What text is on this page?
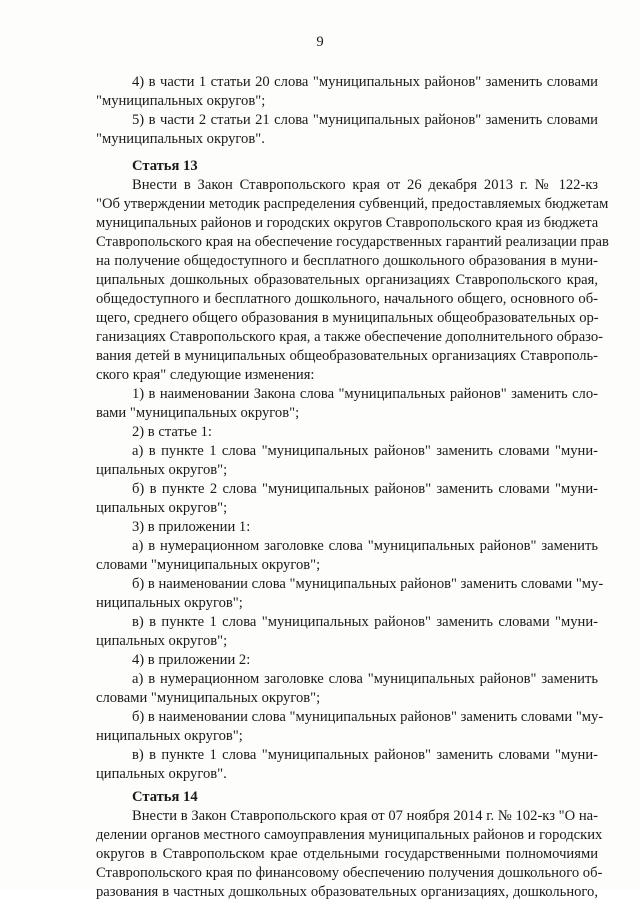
9
4) в части 1 статьи 20 слова "муниципальных районов" заменить словами
"муниципальных округов";
5) в части 2 статьи 21 слова "муниципальных районов" заменить словами
"муниципальных округов".
Статья 13
Внести в Закон Ставропольского края от 26 декабря 2013 г. № 122-кз
"Об утверждении методик распределения субвенций, предоставляемых бюджетам
муниципальных районов и городских округов Ставропольского края из бюджета
Ставропольского края на обеспечение государственных гарантий реализации прав
на получение общедоступного и бесплатного дошкольного образования в муни-
ципальных дошкольных образовательных организациях Ставропольского края,
общедоступного и бесплатного дошкольного, начального общего, основного об-
щего, среднего общего образования в муниципальных общеобразовательных ор-
ганизациях Ставропольского края, а также обеспечение дополнительного образо-
вания детей в муниципальных общеобразовательных организациях Ставрополь-
ского края" следующие изменения:
1) в наименовании Закона слова "муниципальных районов" заменить сло-
вами "муниципальных округов";
2) в статье 1:
а) в пункте 1 слова "муниципальных районов" заменить словами "муни-
ципальных округов";
б) в пункте 2 слова "муниципальных районов" заменить словами "муни-
ципальных округов";
3) в приложении 1:
а) в нумерационном заголовке слова "муниципальных районов" заменить
словами "муниципальных округов";
б) в наименовании слова "муниципальных районов" заменить словами "му-
ниципальных округов";
в) в пункте 1 слова "муниципальных районов" заменить словами "муни-
ципальных округов";
4) в приложении 2:
а) в нумерационном заголовке слова "муниципальных районов" заменить
словами "муниципальных округов";
б) в наименовании слова "муниципальных районов" заменить словами "му-
ниципальных округов";
в) в пункте 1 слова "муниципальных районов" заменить словами "муни-
ципальных округов".
Статья 14
Внести в Закон Ставропольского края от 07 ноября 2014 г. № 102-кз "О на-
делении органов местного самоуправления муниципальных районов и городских
округов в Ставропольском крае отдельными государственными полномочиями
Ставропольского края по финансовому обеспечению получения дошкольного об-
разования в частных дошкольных образовательных организациях, дошкольного,
